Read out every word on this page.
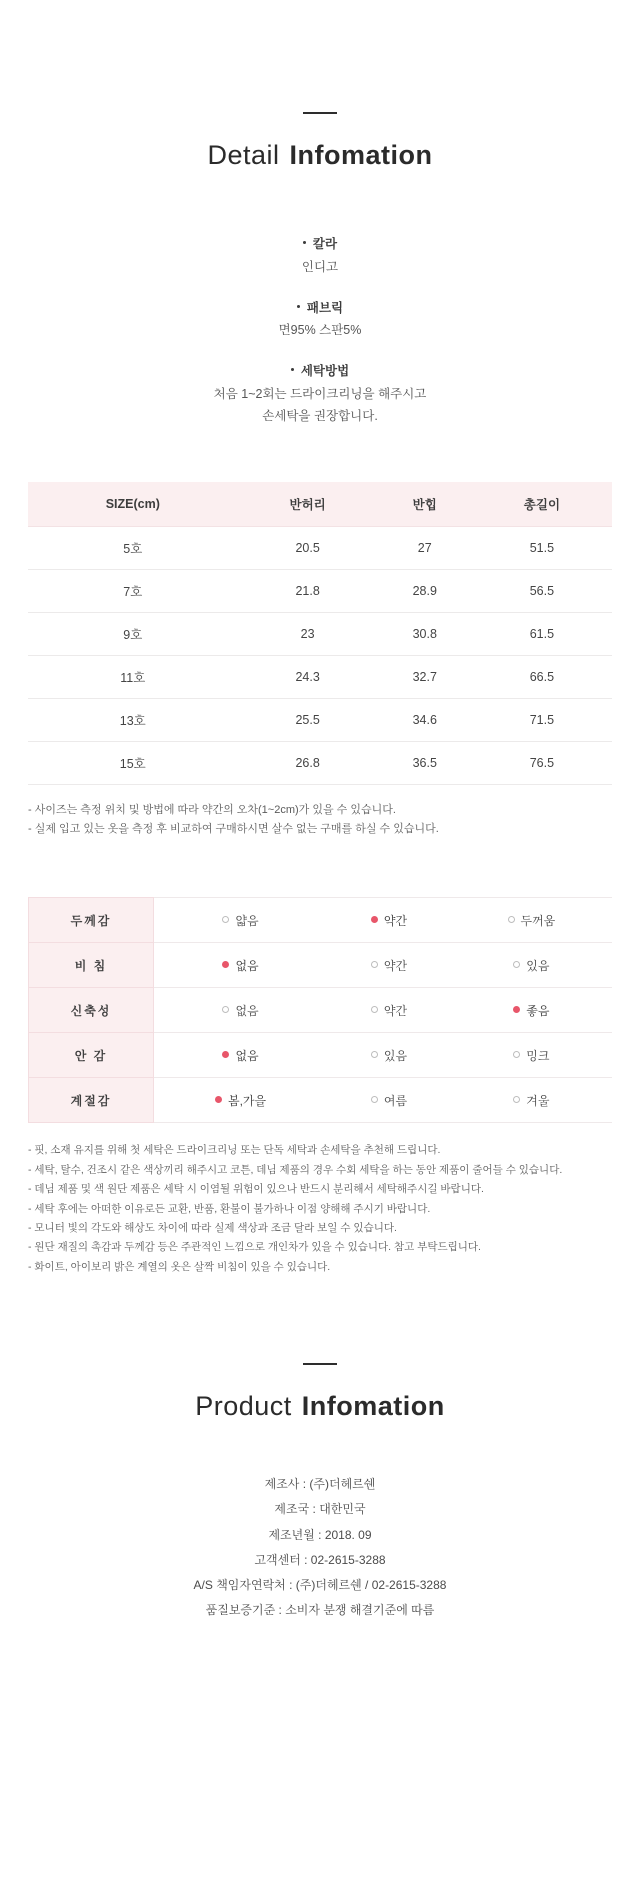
Detail Infomation
칼라
인디고
패브릭
면95% 스판5%
세탁방법
처음 1~2회는 드라이크리닝을 해주시고
손세탁을 권장합니다.
SIZE(cm)	반허리	반힙	총길이
5호	20.5	27	51.5
7호	21.8	28.9	56.5
9호	23	30.8	61.5
11호	24.3	32.7	66.5
13호	25.5	34.6	71.5
15호	26.8	36.5	76.5
- 사이즈는 측정 위치 및 방법에 따라 약간의 오차(1~2cm)가 있을 수 있습니다.
- 실제 입고 있는 옷을 측정 후 비교하여 구매하시면 살수 없는 구매를 하실 수 있습니다.
두께감	얇음	약간	두꺼움
비 침	없음	약간	있음
신축성	없음	약간	좋음
안 감	없음	있음	밍크
계절감	봄,가을	여름	겨울
- 핏, 소재 유지를 위해 첫 세탁은 드라이크리닝 또는 단독 세탁과 손세탁을 추천해 드립니다.
- 세탁, 탈수, 건조시 같은 색상끼리 해주시고 코튼, 데님 제품의 경우 수회 세탁을 하는 동안 제품이 줄어들 수 있습니다.
- 데님 제품 및 색 원단 제품은 세탁 시 이염될 위험이 있으나 반드시 분리해서 세탁해주시길 바랍니다.
- 세탁 후에는 아떠한 이유로든 교환, 반품, 환불이 불가하나 이점 양해해 주시기 바랍니다.
- 모니터 빛의 각도와 해상도 차이에 따라 실제 색상과 조금 달라 보일 수 있습니다.
- 원단 재질의 촉감과 두께감 등은 주관적인 느낌으로 개인차가 있을 수 있습니다. 참고 부탁드립니다.
- 화이트, 아이보리 밝은 계열의 옷은 살짝 비침이 있을 수 있습니다.
Product Infomation
제조사 : (주)더헤르쉔
제조국 : 대한민국
제조년월 : 2018. 09
고객센터 : 02-2615-3288
A/S 책임자연락처 : (주)더헤르쉔 / 02-2615-3288
품질보증기준 : 소비자 분쟁 해결기준에 따름
